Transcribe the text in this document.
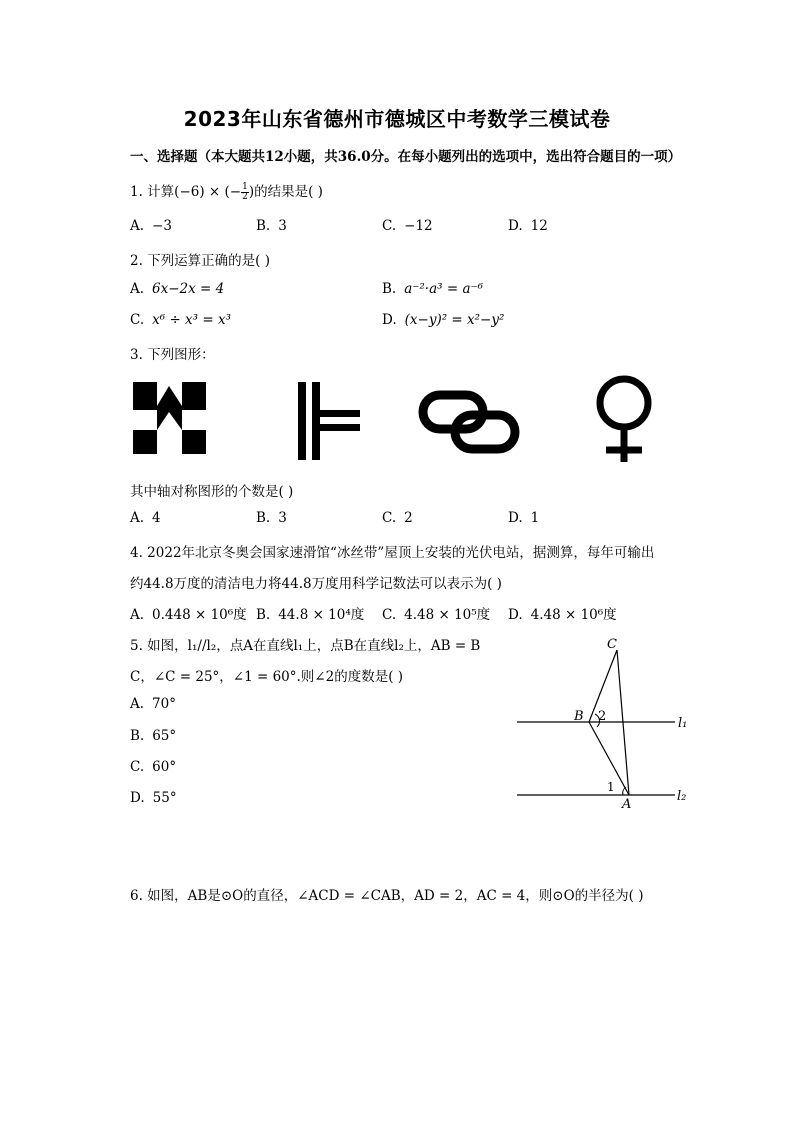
2023年山东省德州市德城区中考数学三模试卷
一、选择题（本大题共12小题，共36.0分。在每小题列出的选项中，选出符合题目的一项）
1. 计算(−6) × (− $\frac{1}{2}$ )的结果是( )
A. −3	B. 3	C. −12	D. 12
2. 下列运算正确的是( )
A. 6x−2x = 4	B. a⁻²·a³ = a⁻⁶
C. x⁶ ÷ x³ = x³	D. (x−y)² = x²−y²
3. 下列图形：
其中轴对称图形的个数是( )
A. 4	B. 3	C. 2	D. 1
4. 2022年北京冬奥会国家速滑馆“冰丝带”屋顶上安装的光伏电站，据测算，每年可输出
约44.8万度的清洁电力将44.8万度用科学记数法可以表示为( )
A. 0.448 × 10⁶度 B. 44.8 × 10⁴度 C. 4.48 × 10⁵度 D. 4.48 × 10⁶度
5. 如图，l₁//l₂，点A在直线l₁上，点B在直线l₂上，AB = B
C，∠C = 25°，∠1 = 60°.则∠2的度数是( )
A. 70°
B. 65°
C. 60°
D. 55°
C
B 2
A
1
l₁
l₂
6. 如图，AB是⊙O的直径，∠ACD = ∠CAB，AD = 2，AC = 4，则⊙O的半径为( )
